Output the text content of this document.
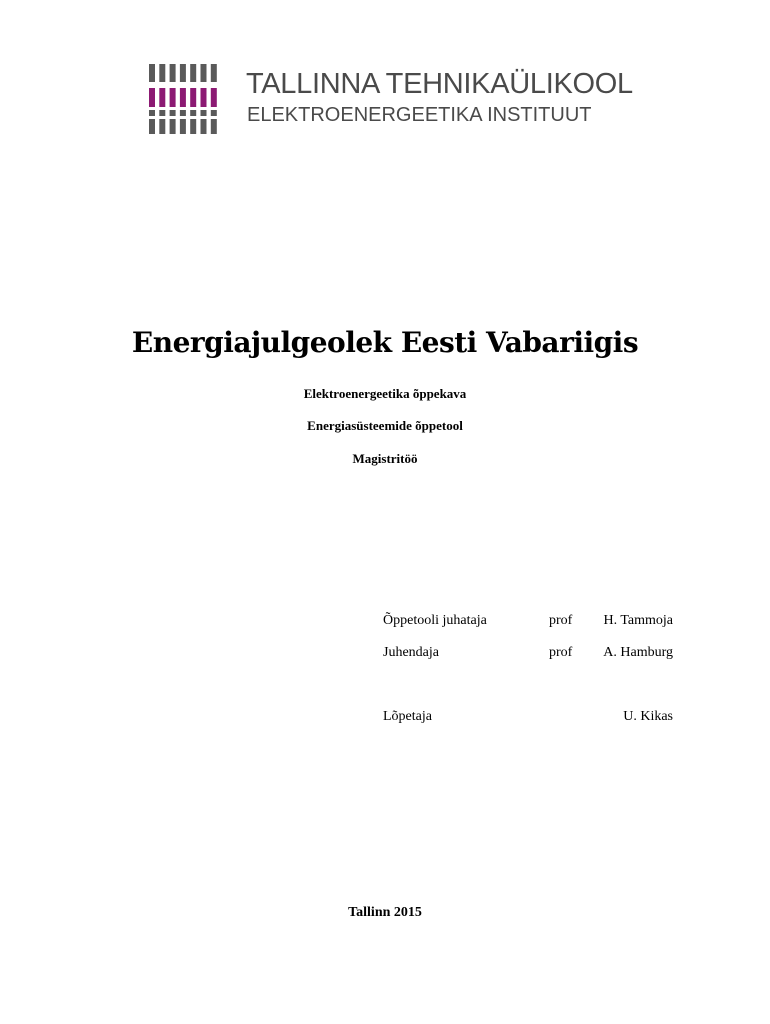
TALLINNA TEHNIKAÜLIKOOL
ELEKTROENERGEETIKA INSTITUUT
Energiajulgeolek Eesti Vabariigis
Elektroenergeetika õppekava
Energiasüsteemide õppetool
Magistritöö
Õppetooli juhataja	prof H. Tammoja
Juhendaja	prof A. Hamburg
Lõpetaja	U. Kikas
Tallinn 2015
